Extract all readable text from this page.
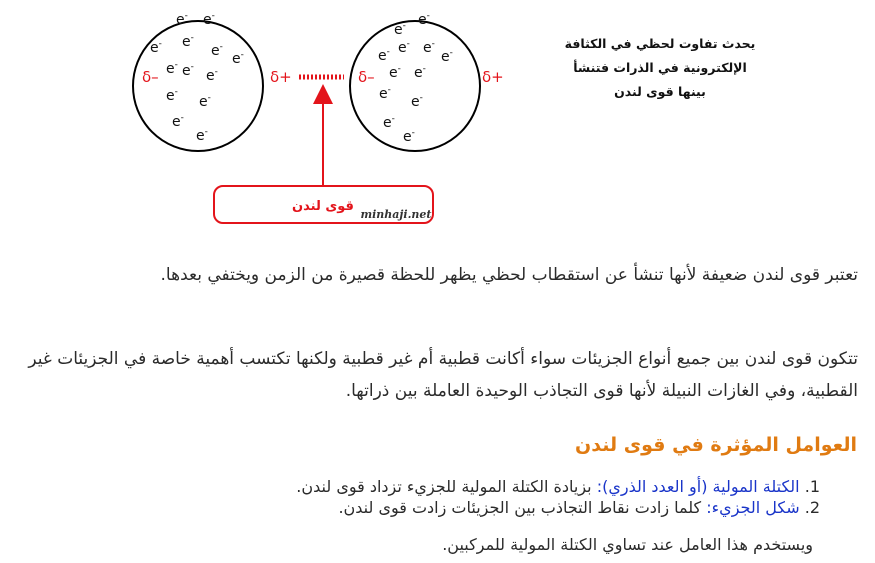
e- e-
e- e-
e-
e-
e- e-
e-
e-
e-
e-
e-
e- e-
e- e- e-
e-
e- e-
e-
e-
e-
e-
δ–	δ+	δ–	δ+
قوى لندن
minhaji.net
يحدث تفاوت لحظي في الكثافة
الإلكترونية في الذرات فتنشأ
بينها قوى لندن

تعتبر قوى لندن ضعيفة لأنها تنشأ عن استقطاب لحظي يظهر للحظة قصيرة من الزمن ويختفي بعدها.

تتكون قوى لندن بين جميع أنواع الجزيئات سواء أكانت قطبية أم غير قطبية ولكنها تكتسب أهمية خاصة في الجزيئات غير القطبية، وفي الغازات النبيلة لأنها قوى التجاذب الوحيدة العاملة بين ذراتها.

العوامل المؤثرة في قوى لندن
1. الكتلة المولية (أو العدد الذري): بزيادة الكتلة المولية للجزيء تزداد قوى لندن.
2. شكل الجزيء: كلما زادت نقاط التجاذب بين الجزيئات زادت قوى لندن.
ويستخدم هذا العامل عند تساوي الكتلة المولية للمركبين.
